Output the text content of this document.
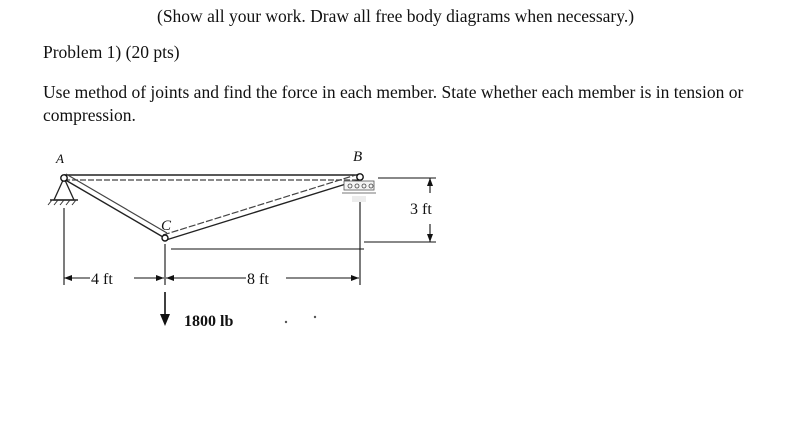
(Show all your work. Draw all free body diagrams when necessary.)
Problem 1) (20 pts)
Use method of joints and find the force in each member. State whether each member is in tension or
compression.
4 ft	8 ft
3 ft
1800 lb
A	B
C
